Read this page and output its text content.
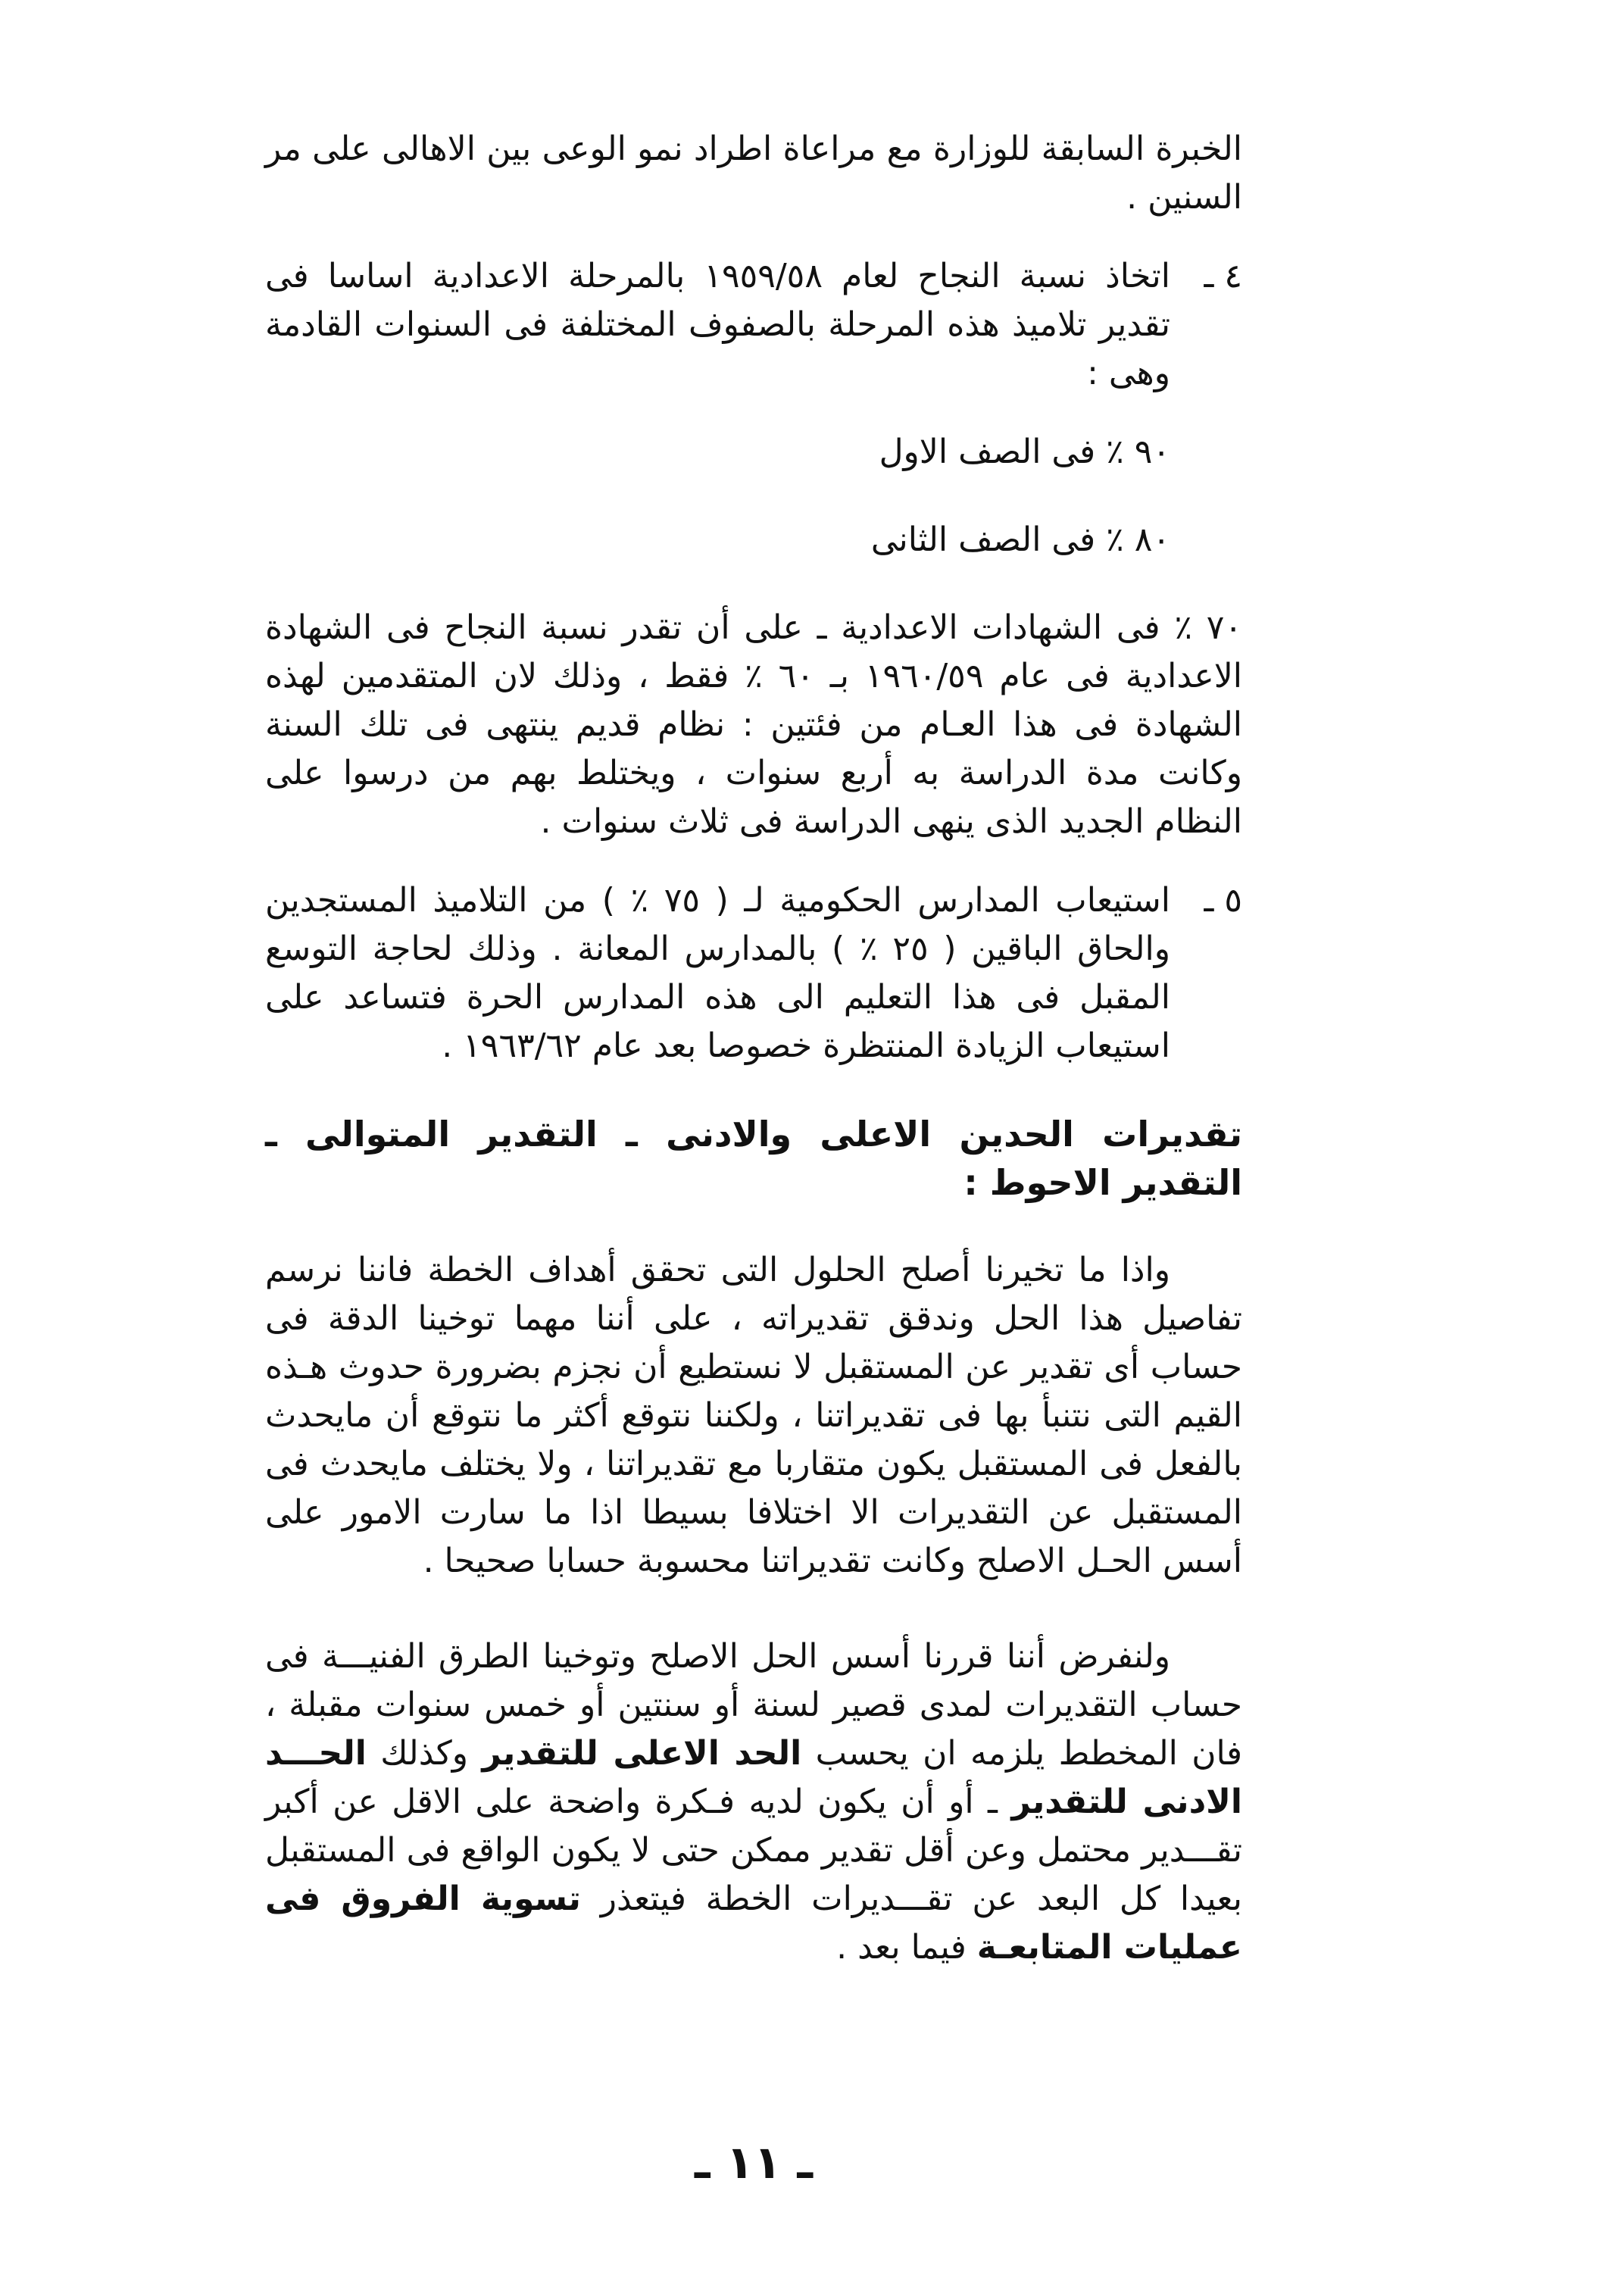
الخبرة السابقة للوزارة مع مراعاة اطراد نمو الوعى بين الاهالى على مر السنين .

٤ ـ

اتخاذ نسبة النجاح لعام ١٩٥٩/٥٨ بالمرحلة الاعدادية اساسا فى تقدير تلاميذ هذه المرحلة بالصفوف المختلفة فى السنوات القادمة وهى :

٩٠ ٪ فى الصف الاول

٨٠ ٪ فى الصف الثانى

٧٠ ٪ فى الشهادات الاعدادية ـ على أن تقدر نسبة النجاح فى الشهادة الاعدادية فى عام ١٩٦٠/٥٩ بـ ٦٠ ٪ فقط ، وذلك لان المتقدمين لهذه الشهادة فى هذا العـام من فئتين : نظام قديم ينتهى فى تلك السنة وكانت مدة الدراسة به أربع سنوات ، ويختلط بهم من درسوا على النظام الجديد الذى ينهى الدراسة فى ثلاث سنوات .

٥ ـ

استيعاب المدارس الحكومية لـ ( ٧٥ ٪ ) من التلاميذ المستجدين والحاق الباقين ( ٢٥ ٪ ) بالمدارس المعانة . وذلك لحاجة التوسع المقبل فى هذا التعليم الى هذه المدارس الحرة فتساعد على استيعاب الزيادة المنتظرة خصوصا بعد عام ١٩٦٣/٦٢ .

تقديرات الحدين الاعلى والادنى ـ التقدير المتوالى ـ التقدير الاحوط :

واذا ما تخيرنا أصلح الحلول التى تحقق أهداف الخطة فاننا نرسم تفاصيل هذا الحل وندقق تقديراته ، على أننا مهما توخينا الدقة فى حساب أى تقدير عن المستقبل لا نستطيع أن نجزم بضرورة حدوث هـذه القيم التى نتنبأ بها فى تقديراتنا ، ولكننا نتوقع أكثر ما نتوقع أن مايحدث بالفعل فى المستقبل يكون متقاربا مع تقديراتنا ، ولا يختلف مايحدث فى المستقبل عن التقديرات الا اختلافا بسيطا اذا ما سارت الامور على أسس الحـل الاصلح وكانت تقديراتنا محسوبة حسابا صحيحا .

ولنفرض أننا قررنا أسس الحل الاصلح وتوخينا الطرق الفنيـــة فى حساب التقديرات لمدى قصير لسنة أو سنتين أو خمس سنوات مقبلة ، فان المخطط يلزمه ان يحسب الحد الاعلى للتقدير وكذلك الحـــد الادنى للتقدير ـ أو أن يكون لديه فـكرة واضحة على الاقل عن أكبر تقـــدير محتمل وعن أقل تقدير ممكن حتى لا يكون الواقع فى المستقبل بعيدا كل البعد عن تقـــديرات الخطة فيتعذر تسوية الفروق فى عمليات المتابعـة فيما بعد .

ـ ١١ ـ
